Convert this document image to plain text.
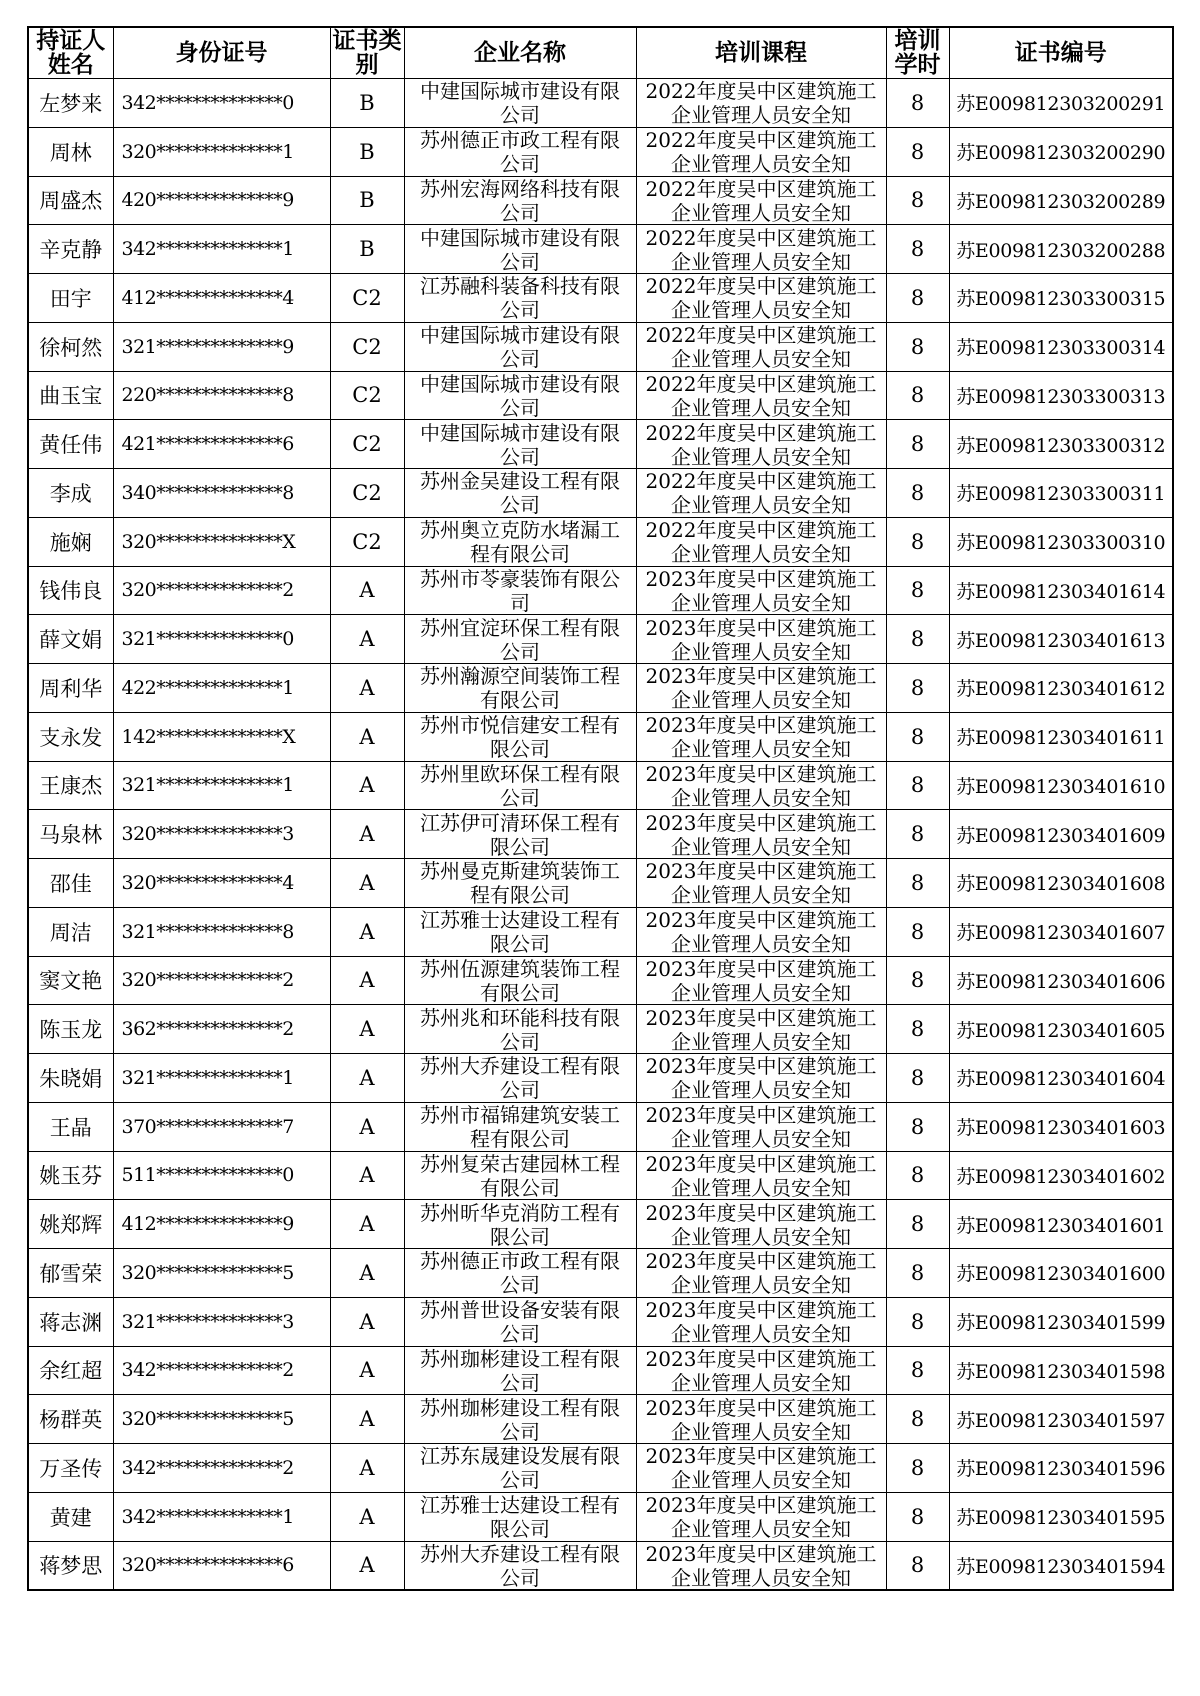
持证人姓名	身份证号	证书类别	企业名称	培训课程	培训学时	证书编号
左梦来	342**************0	B	中建国际城市建设有限公司	2022年度吴中区建筑施工企业管理人员安全知	8	苏E009812303200291
周林	320**************1	B	苏州德正市政工程有限公司	2022年度吴中区建筑施工企业管理人员安全知	8	苏E009812303200290
周盛杰	420**************9	B	苏州宏海网络科技有限公司	2022年度吴中区建筑施工企业管理人员安全知	8	苏E009812303200289
辛克静	342**************1	B	中建国际城市建设有限公司	2022年度吴中区建筑施工企业管理人员安全知	8	苏E009812303200288
田宇	412**************4	C2	江苏融科装备科技有限公司	2022年度吴中区建筑施工企业管理人员安全知	8	苏E009812303300315
徐柯然	321**************9	C2	中建国际城市建设有限公司	2022年度吴中区建筑施工企业管理人员安全知	8	苏E009812303300314
曲玉宝	220**************8	C2	中建国际城市建设有限公司	2022年度吴中区建筑施工企业管理人员安全知	8	苏E009812303300313
黄任伟	421**************6	C2	中建国际城市建设有限公司	2022年度吴中区建筑施工企业管理人员安全知	8	苏E009812303300312
李成	340**************8	C2	苏州金吴建设工程有限公司	2022年度吴中区建筑施工企业管理人员安全知	8	苏E009812303300311
施娴	320**************X	C2	苏州奥立克防水堵漏工程有限公司	2022年度吴中区建筑施工企业管理人员安全知	8	苏E009812303300310
钱伟良	320**************2	A	苏州市苓豪装饰有限公司	2023年度吴中区建筑施工企业管理人员安全知	8	苏E009812303401614
薛文娟	321**************0	A	苏州宜淀环保工程有限公司	2023年度吴中区建筑施工企业管理人员安全知	8	苏E009812303401613
周利华	422**************1	A	苏州瀚源空间装饰工程有限公司	2023年度吴中区建筑施工企业管理人员安全知	8	苏E009812303401612
支永发	142**************X	A	苏州市悦信建安工程有限公司	2023年度吴中区建筑施工企业管理人员安全知	8	苏E009812303401611
王康杰	321**************1	A	苏州里欧环保工程有限公司	2023年度吴中区建筑施工企业管理人员安全知	8	苏E009812303401610
马泉林	320**************3	A	江苏伊可清环保工程有限公司	2023年度吴中区建筑施工企业管理人员安全知	8	苏E009812303401609
邵佳	320**************4	A	苏州曼克斯建筑装饰工程有限公司	2023年度吴中区建筑施工企业管理人员安全知	8	苏E009812303401608
周洁	321**************8	A	江苏雅士达建设工程有限公司	2023年度吴中区建筑施工企业管理人员安全知	8	苏E009812303401607
窦文艳	320**************2	A	苏州伍源建筑装饰工程有限公司	2023年度吴中区建筑施工企业管理人员安全知	8	苏E009812303401606
陈玉龙	362**************2	A	苏州兆和环能科技有限公司	2023年度吴中区建筑施工企业管理人员安全知	8	苏E009812303401605
朱晓娟	321**************1	A	苏州大乔建设工程有限公司	2023年度吴中区建筑施工企业管理人员安全知	8	苏E009812303401604
王晶	370**************7	A	苏州市福锦建筑安装工程有限公司	2023年度吴中区建筑施工企业管理人员安全知	8	苏E009812303401603
姚玉芬	511**************0	A	苏州复荣古建园林工程有限公司	2023年度吴中区建筑施工企业管理人员安全知	8	苏E009812303401602
姚郑辉	412**************9	A	苏州昕华克消防工程有限公司	2023年度吴中区建筑施工企业管理人员安全知	8	苏E009812303401601
郁雪荣	320**************5	A	苏州德正市政工程有限公司	2023年度吴中区建筑施工企业管理人员安全知	8	苏E009812303401600
蒋志渊	321**************3	A	苏州普世设备安装有限公司	2023年度吴中区建筑施工企业管理人员安全知	8	苏E009812303401599
余红超	342**************2	A	苏州珈彬建设工程有限公司	2023年度吴中区建筑施工企业管理人员安全知	8	苏E009812303401598
杨群英	320**************5	A	苏州珈彬建设工程有限公司	2023年度吴中区建筑施工企业管理人员安全知	8	苏E009812303401597
万圣传	342**************2	A	江苏东晟建设发展有限公司	2023年度吴中区建筑施工企业管理人员安全知	8	苏E009812303401596
黄建	342**************1	A	江苏雅士达建设工程有限公司	2023年度吴中区建筑施工企业管理人员安全知	8	苏E009812303401595
蒋梦思	320**************6	A	苏州大乔建设工程有限公司	2023年度吴中区建筑施工企业管理人员安全知	8	苏E009812303401594
